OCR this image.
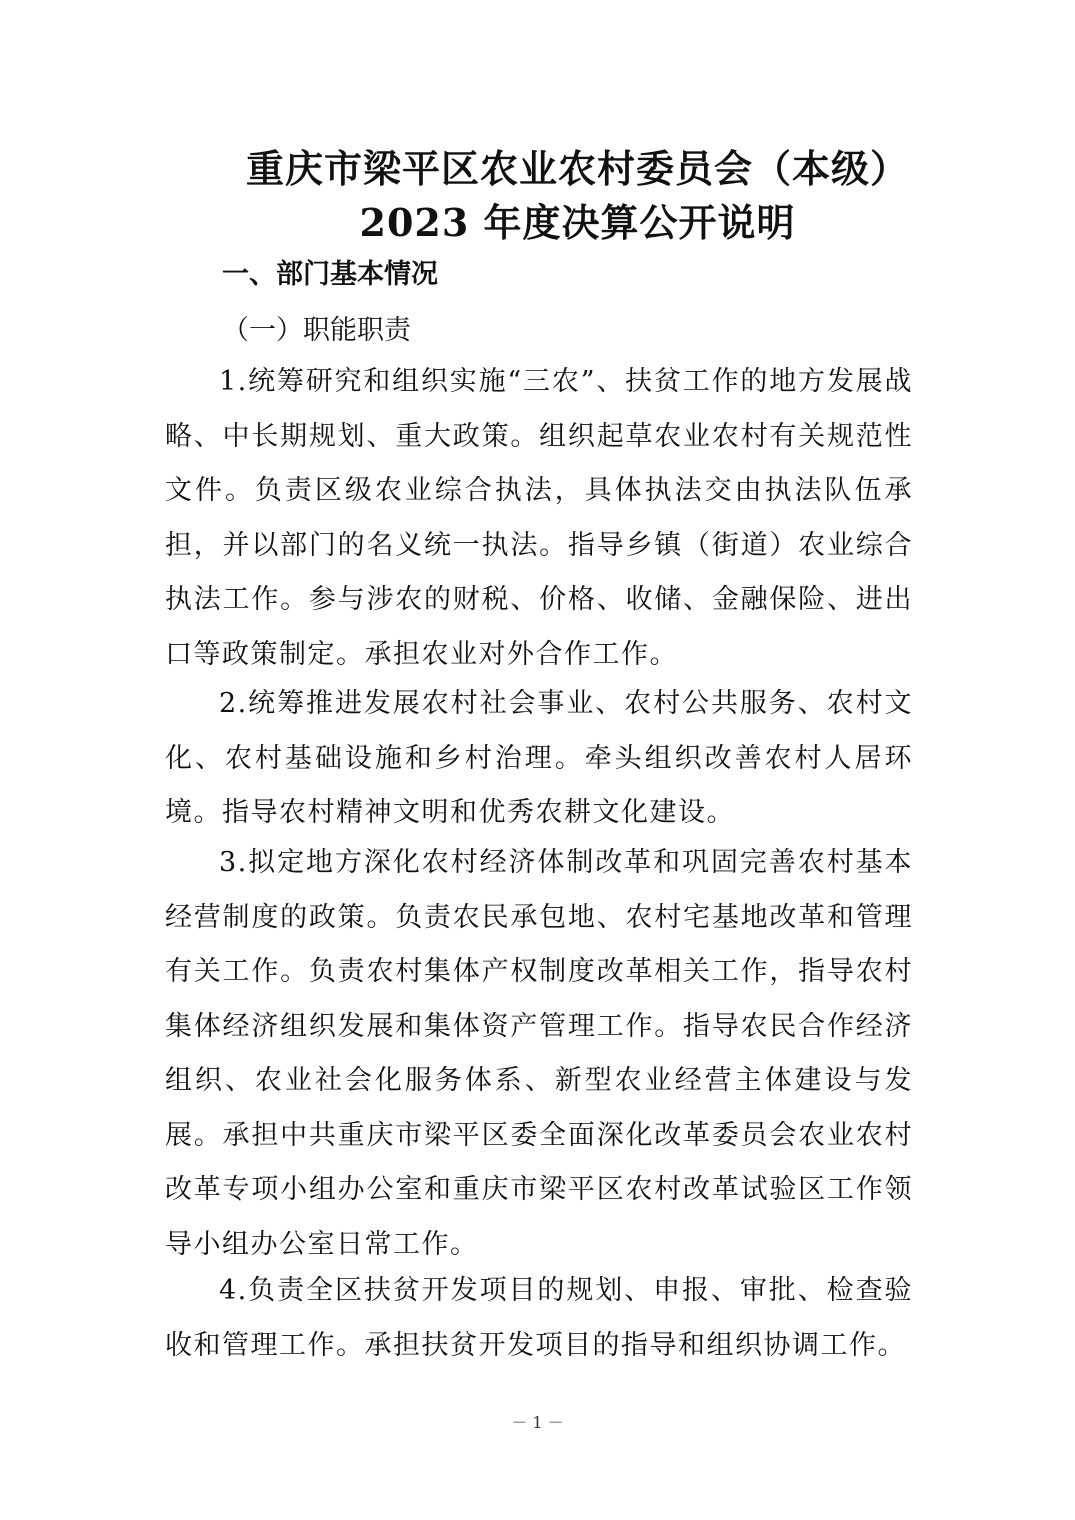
重庆市梁平区农业农村委员会（本级）
2023 年度决算公开说明
一、部门基本情况
（一）职能职责

1.统筹研究和组织实施“三农”、扶贫工作的地方发展战略、中长期规划、重大政策。组织起草农业农村有关规范性文件。负责区级农业综合执法，具体执法交由执法队伍承担，并以部门的名义统一执法。指导乡镇（街道）农业综合执法工作。参与涉农的财税、价格、收储、金融保险、进出口等政策制定。承担农业对外合作工作。

2.统筹推进发展农村社会事业、农村公共服务、农村文化、农村基础设施和乡村治理。牵头组织改善农村人居环境。指导农村精神文明和优秀农耕文化建设。

3.拟定地方深化农村经济体制改革和巩固完善农村基本经营制度的政策。负责农民承包地、农村宅基地改革和管理有关工作。负责农村集体产权制度改革相关工作，指导农村集体经济组织发展和集体资产管理工作。指导农民合作经济组织、农业社会化服务体系、新型农业经营主体建设与发展。承担中共重庆市梁平区委全面深化改革委员会农业农村改革专项小组办公室和重庆市梁平区农村改革试验区工作领导小组办公室日常工作。

4.负责全区扶贫开发项目的规划、申报、审批、检查验收和管理工作。承担扶贫开发项目的指导和组织协调工作。

－ 1 －
